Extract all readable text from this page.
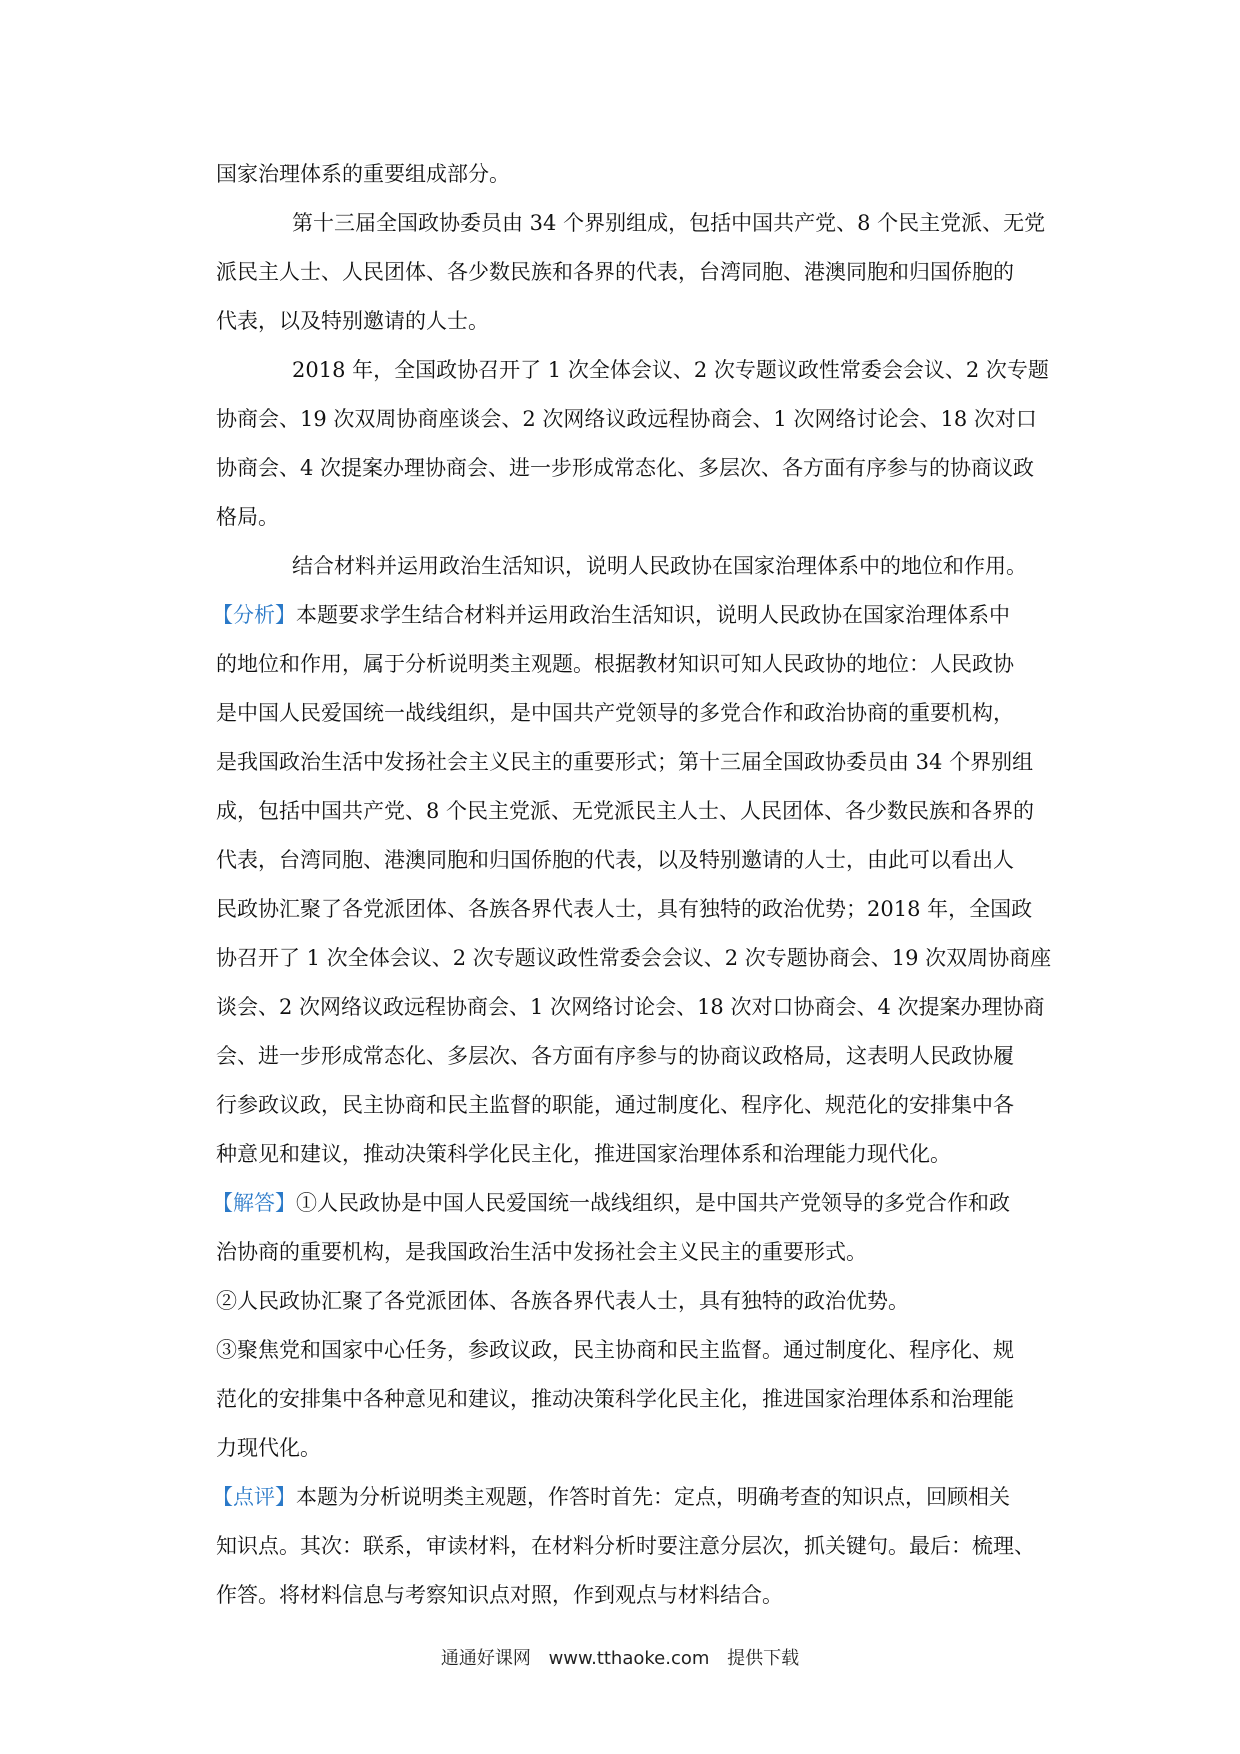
国家治理体系的重要组成部分。

第十三届全国政协委员由 34 个界别组成，包括中国共产党、8 个民主党派、无党

派民主人士、人民团体、各少数民族和各界的代表，台湾同胞、港澳同胞和归国侨胞的

代表，以及特别邀请的人士。

2018 年，全国政协召开了 1 次全体会议、2 次专题议政性常委会会议、2 次专题

协商会、19 次双周协商座谈会、2 次网络议政远程协商会、1 次网络讨论会、18 次对口

协商会、4 次提案办理协商会、进一步形成常态化、多层次、各方面有序参与的协商议政

格局。

结合材料并运用政治生活知识，说明人民政协在国家治理体系中的地位和作用。

【分析】本题要求学生结合材料并运用政治生活知识，说明人民政协在国家治理体系中

的地位和作用，属于分析说明类主观题。根据教材知识可知人民政协的地位：人民政协

是中国人民爱国统一战线组织，是中国共产党领导的多党合作和政治协商的重要机构，

是我国政治生活中发扬社会主义民主的重要形式；第十三届全国政协委员由 34 个界别组

成，包括中国共产党、8 个民主党派、无党派民主人士、人民团体、各少数民族和各界的

代表，台湾同胞、港澳同胞和归国侨胞的代表，以及特别邀请的人士，由此可以看出人

民政协汇聚了各党派团体、各族各界代表人士，具有独特的政治优势；2018 年，全国政

协召开了 1 次全体会议、2 次专题议政性常委会会议、2 次专题协商会、19 次双周协商座

谈会、2 次网络议政远程协商会、1 次网络讨论会、18 次对口协商会、4 次提案办理协商

会、进一步形成常态化、多层次、各方面有序参与的协商议政格局，这表明人民政协履

行参政议政，民主协商和民主监督的职能，通过制度化、程序化、规范化的安排集中各

种意见和建议，推动决策科学化民主化，推进国家治理体系和治理能力现代化。

【解答】①人民政协是中国人民爱国统一战线组织，是中国共产党领导的多党合作和政

治协商的重要机构，是我国政治生活中发扬社会主义民主的重要形式。

②人民政协汇聚了各党派团体、各族各界代表人士，具有独特的政治优势。

③聚焦党和国家中心任务，参政议政，民主协商和民主监督。通过制度化、程序化、规

范化的安排集中各种意见和建议，推动决策科学化民主化，推进国家治理体系和治理能

力现代化。

【点评】本题为分析说明类主观题，作答时首先：定点，明确考查的知识点，回顾相关

知识点。其次：联系，审读材料，在材料分析时要注意分层次，抓关键句。最后：梳理、

作答。将材料信息与考察知识点对照，作到观点与材料结合。

通通好课网 www.tthaoke.com 提供下载
